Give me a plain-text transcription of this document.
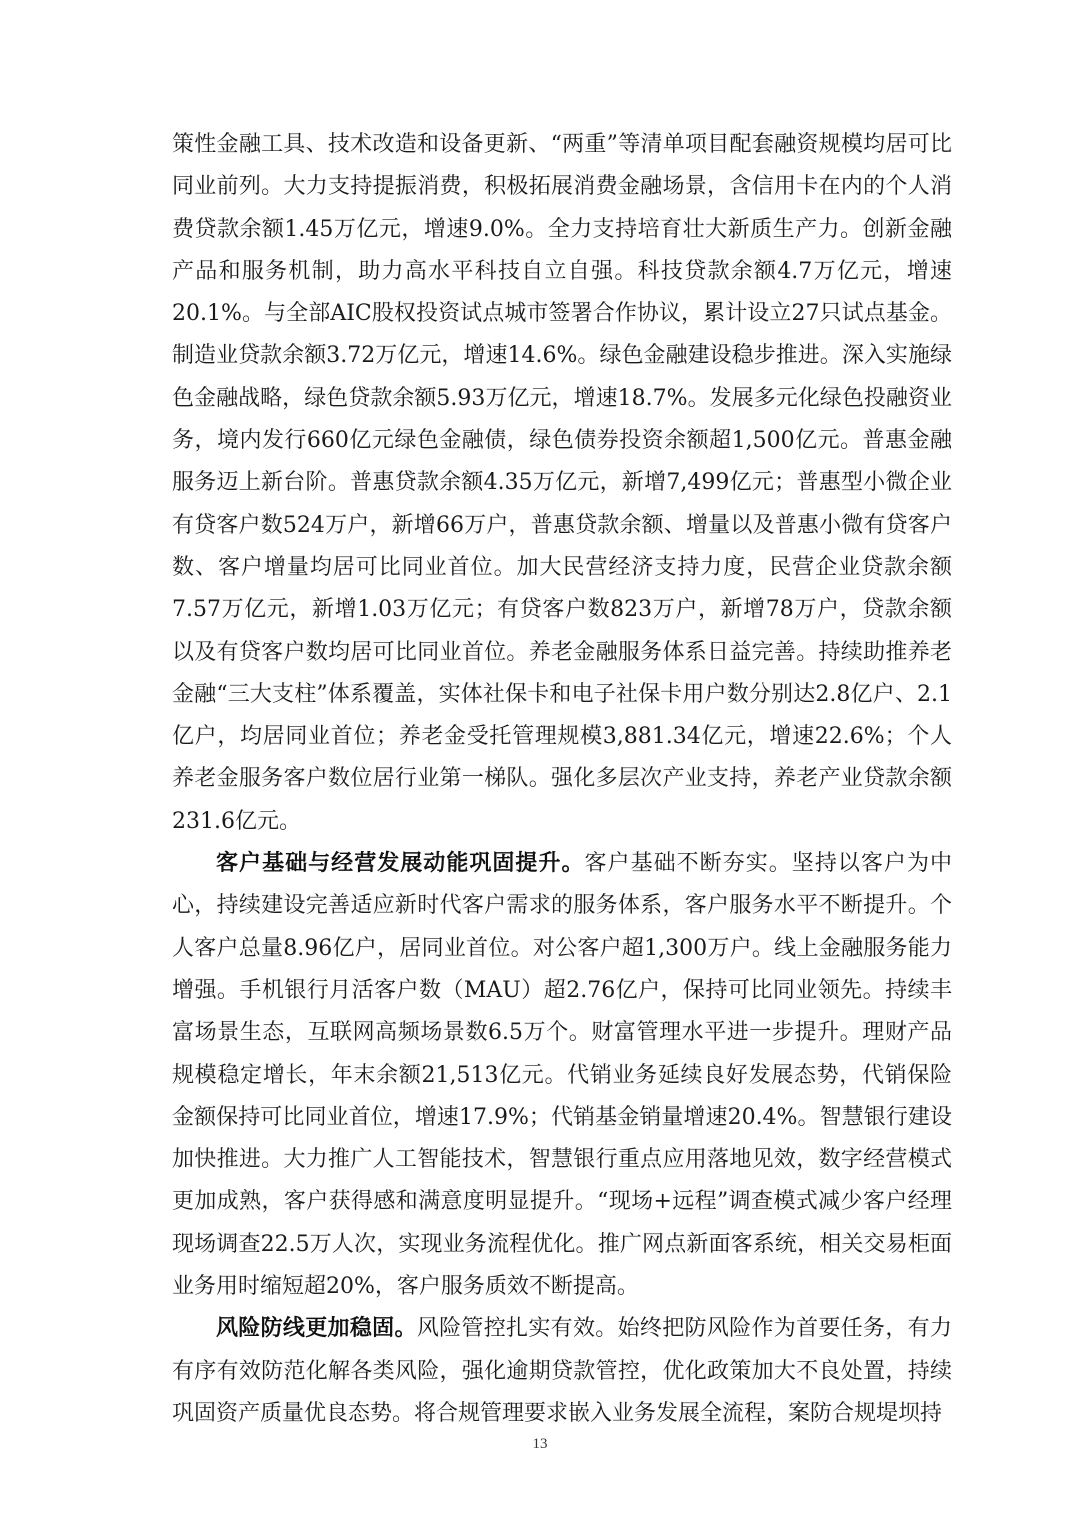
策性金融工具、技术改造和设备更新、“两重”等清单项目配套融资规模均居可比同业前列。大力支持提振消费，积极拓展消费金融场景，含信用卡在内的个人消费贷款余额1.45万亿元，增速9.0%。全力支持培育壮大新质生产力。创新金融产品和服务机制，助力高水平科技自立自强。科技贷款余额4.7万亿元，增速20.1%。与全部AIC股权投资试点城市签署合作协议，累计设立27只试点基金。制造业贷款余额3.72万亿元，增速14.6%。绿色金融建设稳步推进。深入实施绿色金融战略，绿色贷款余额5.93万亿元，增速18.7%。发展多元化绿色投融资业务，境内发行660亿元绿色金融债，绿色债券投资余额超1,500亿元。普惠金融服务迈上新台阶。普惠贷款余额4.35万亿元，新增7,499亿元；普惠型小微企业有贷客户数524万户，新增66万户，普惠贷款余额、增量以及普惠小微有贷客户数、客户增量均居可比同业首位。加大民营经济支持力度，民营企业贷款余额7.57万亿元，新增1.03万亿元；有贷客户数823万户，新增78万户，贷款余额以及有贷客户数均居可比同业首位。养老金融服务体系日益完善。持续助推养老金融“三大支柱”体系覆盖，实体社保卡和电子社保卡用户数分别达2.8亿户、2.1亿户，均居同业首位；养老金受托管理规模3,881.34亿元，增速22.6%；个人养老金服务客户数位居行业第一梯队。强化多层次产业支持，养老产业贷款余额231.6亿元。

客户基础与经营发展动能巩固提升。客户基础不断夯实。坚持以客户为中心，持续建设完善适应新时代客户需求的服务体系，客户服务水平不断提升。个人客户总量8.96亿户，居同业首位。对公客户超1,300万户。线上金融服务能力增强。手机银行月活客户数（MAU）超2.76亿户，保持可比同业领先。持续丰富场景生态，互联网高频场景数6.5万个。财富管理水平进一步提升。理财产品规模稳定增长，年末余额21,513亿元。代销业务延续良好发展态势，代销保险金额保持可比同业首位，增速17.9%；代销基金销量增速20.4%。智慧银行建设加快推进。大力推广人工智能技术，智慧银行重点应用落地见效，数字经营模式更加成熟，客户获得感和满意度明显提升。“现场+远程”调查模式减少客户经理现场调查22.5万人次，实现业务流程优化。推广网点新面客系统，相关交易柜面业务用时缩短超20%，客户服务质效不断提高。

风险防线更加稳固。风险管控扎实有效。始终把防风险作为首要任务，有力有序有效防范化解各类风险，强化逾期贷款管控，优化政策加大不良处置，持续巩固资产质量优良态势。将合规管理要求嵌入业务发展全流程，案防合规堤坝持

13
